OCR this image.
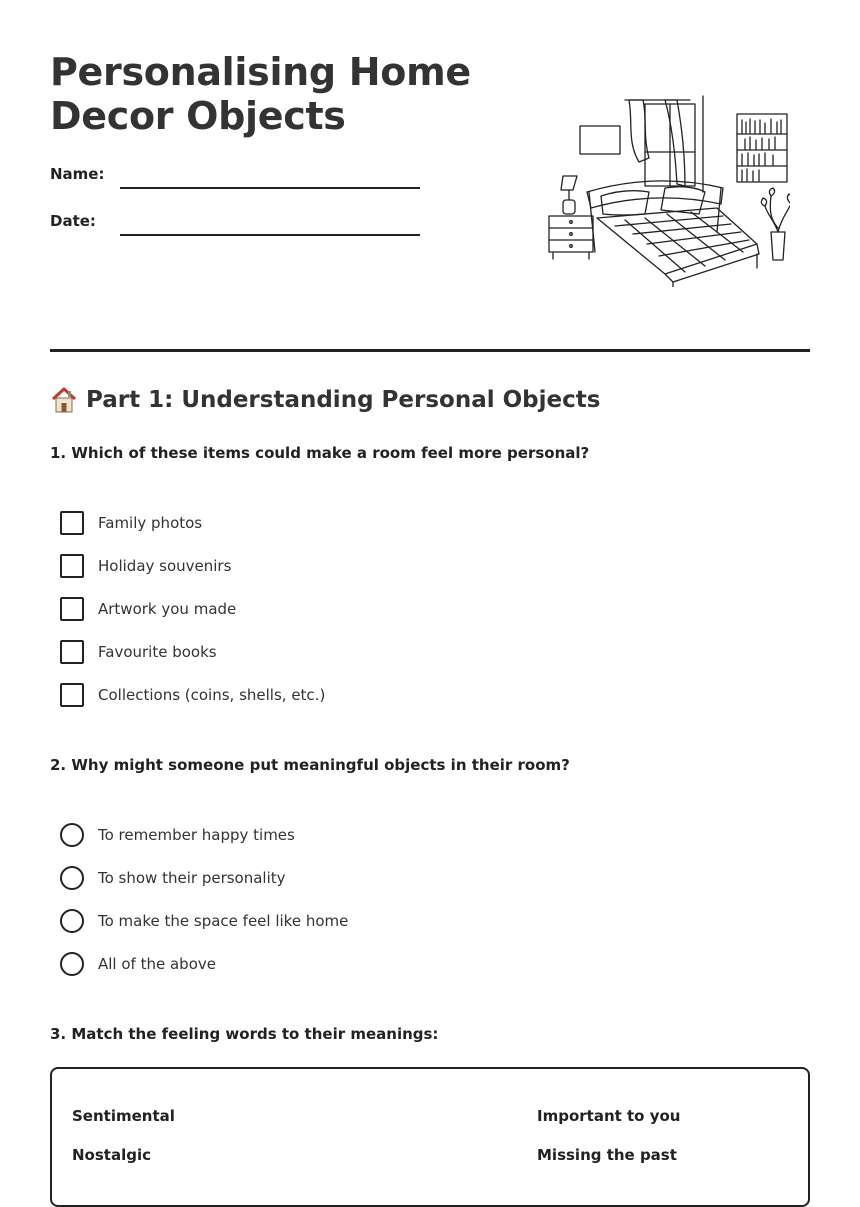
Personalising Home
Decor Objects
Name:
Date:
Part 1: Understanding Personal Objects

1. Which of these items could make a room feel more personal?

Family photos
Holiday souvenirs
Artwork you made
Favourite books
Collections (coins, shells, etc.)

2. Why might someone put meaningful objects in their room?

To remember happy times
To show their personality
To make the space feel like home
All of the above

3. Match the feeling words to their meanings:

Sentimental	Important to you
Nostalgic	Missing the past
